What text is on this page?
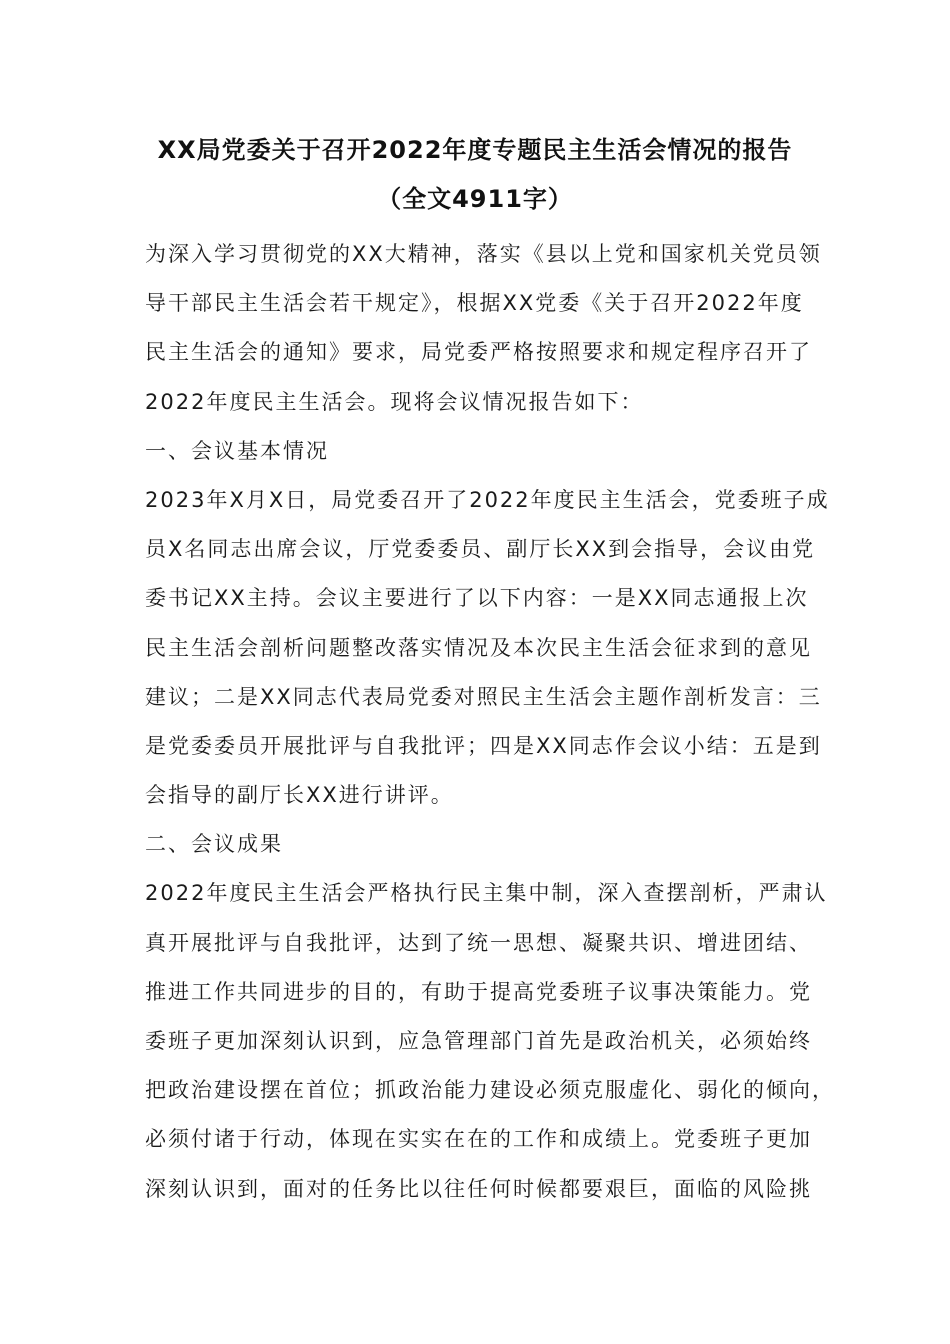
XX局党委关于召开2022年度专题民主生活会情况的报告
（全文4911字）
为深入学习贯彻党的XX大精神，落实《县以上党和国家机关党员领
导干部民主生活会若干规定》，根据XX党委《关于召开2022年度
民主生活会的通知》要求，局党委严格按照要求和规定程序召开了
2022年度民主生活会。现将会议情况报告如下：
一、会议基本情况
2023年X月X日，局党委召开了2022年度民主生活会，党委班子成
员X名同志出席会议，厅党委委员、副厅长XX到会指导，会议由党
委书记XX主持。会议主要进行了以下内容：一是XX同志通报上次
民主生活会剖析问题整改落实情况及本次民主生活会征求到的意见
建议；二是XX同志代表局党委对照民主生活会主题作剖析发言：三
是党委委员开展批评与自我批评；四是XX同志作会议小结：五是到
会指导的副厅长XX进行讲评。
二、会议成果
2022年度民主生活会严格执行民主集中制，深入查摆剖析，严肃认
真开展批评与自我批评，达到了统一思想、凝聚共识、增进团结、
推进工作共同进步的目的，有助于提高党委班子议事决策能力。党
委班子更加深刻认识到，应急管理部门首先是政治机关，必须始终
把政治建设摆在首位；抓政治能力建设必须克服虚化、弱化的倾向，
必须付诸于行动，体现在实实在在的工作和成绩上。党委班子更加
深刻认识到，面对的任务比以往任何时候都要艰巨，面临的风险挑
